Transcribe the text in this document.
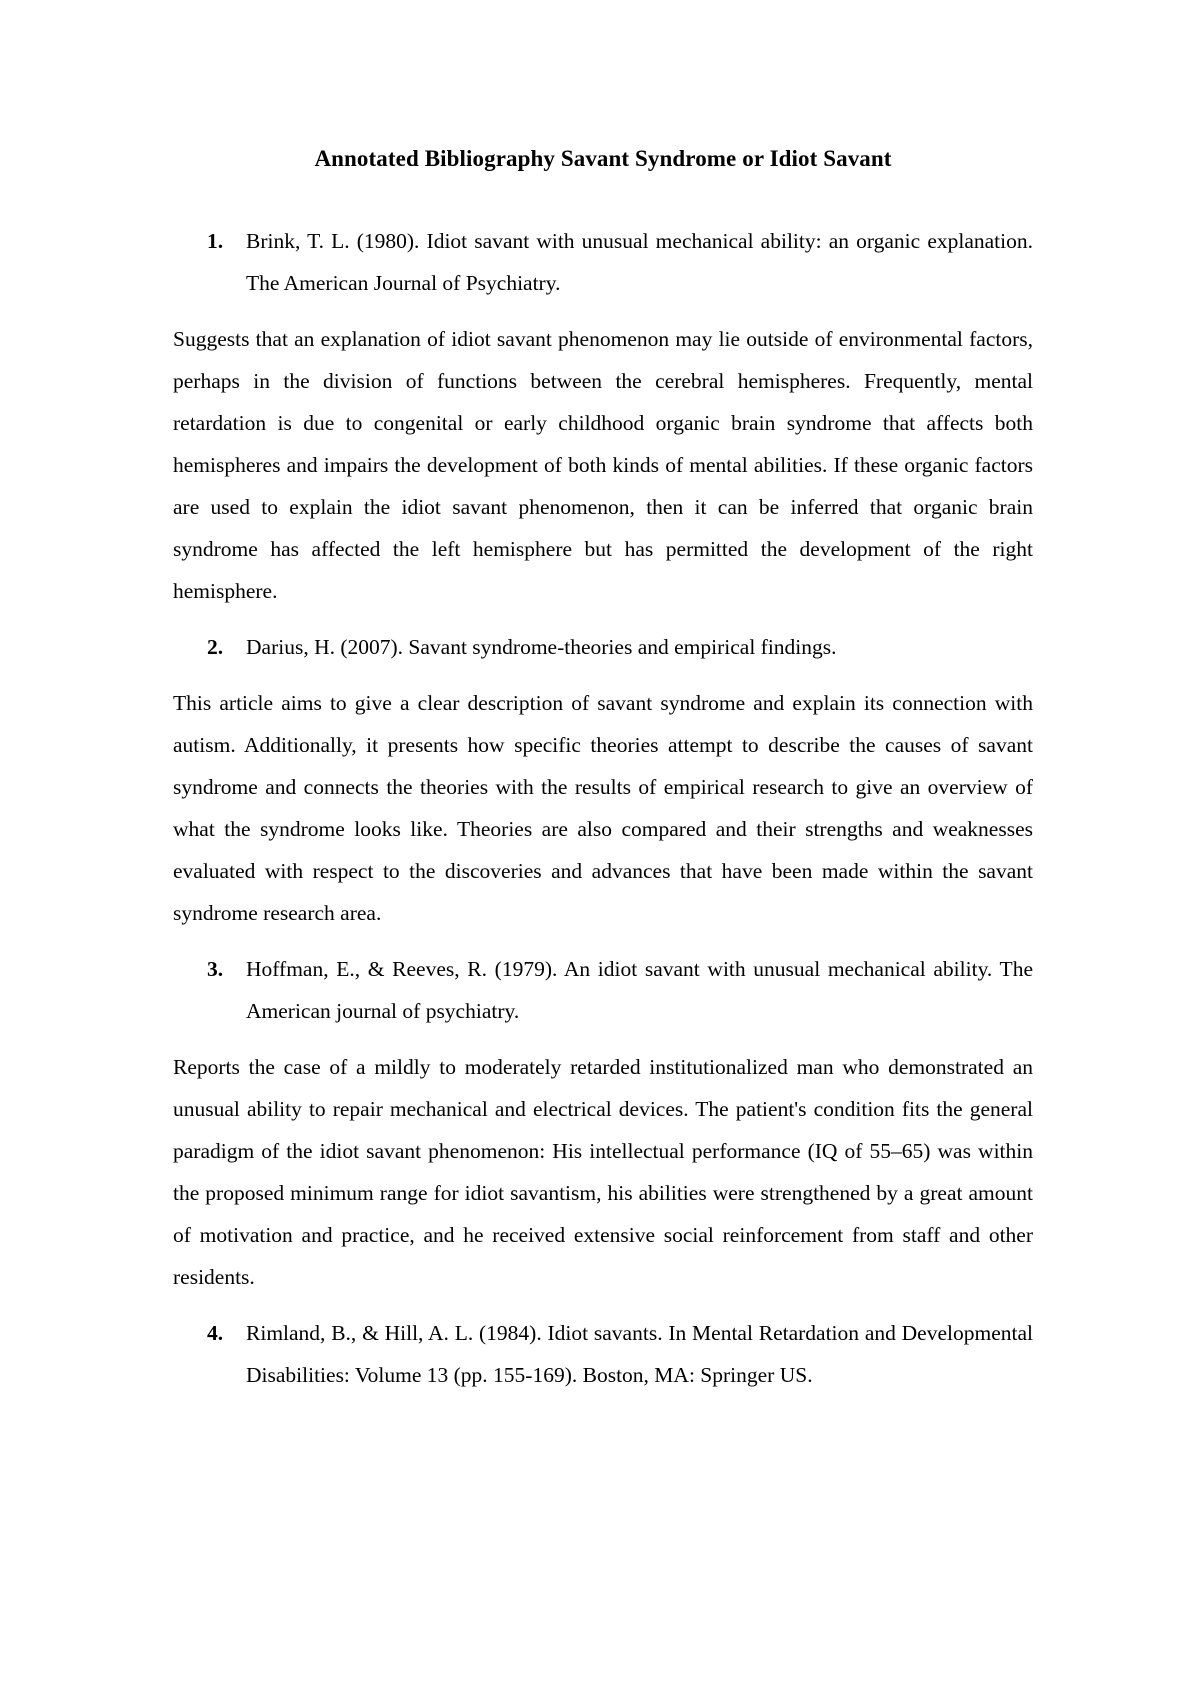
Annotated Bibliography Savant Syndrome or Idiot Savant
1.	Brink, T. L. (1980). Idiot savant with unusual mechanical ability: an organic explanation. The American Journal of Psychiatry.

Suggests that an explanation of idiot savant phenomenon may lie outside of environmental factors, perhaps in the division of functions between the cerebral hemispheres. Frequently, mental retardation is due to congenital or early childhood organic brain syndrome that affects both hemispheres and impairs the development of both kinds of mental abilities. If these organic factors are used to explain the idiot savant phenomenon, then it can be inferred that organic brain syndrome has affected the left hemisphere but has permitted the development of the right hemisphere.

2.	Darius, H. (2007). Savant syndrome-theories and empirical findings.

This article aims to give a clear description of savant syndrome and explain its connection with autism. Additionally, it presents how specific theories attempt to describe the causes of savant syndrome and connects the theories with the results of empirical research to give an overview of what the syndrome looks like. Theories are also compared and their strengths and weaknesses evaluated with respect to the discoveries and advances that have been made within the savant syndrome research area.

3.	Hoffman, E., & Reeves, R. (1979). An idiot savant with unusual mechanical ability. The American journal of psychiatry.

Reports the case of a mildly to moderately retarded institutionalized man who demonstrated an unusual ability to repair mechanical and electrical devices. The patient's condition fits the general paradigm of the idiot savant phenomenon: His intellectual performance (IQ of 55–65) was within the proposed minimum range for idiot savantism, his abilities were strengthened by a great amount of motivation and practice, and he received extensive social reinforcement from staff and other residents.

4.	Rimland, B., & Hill, A. L. (1984). Idiot savants. In Mental Retardation and Developmental Disabilities: Volume 13 (pp. 155-169). Boston, MA: Springer US.
